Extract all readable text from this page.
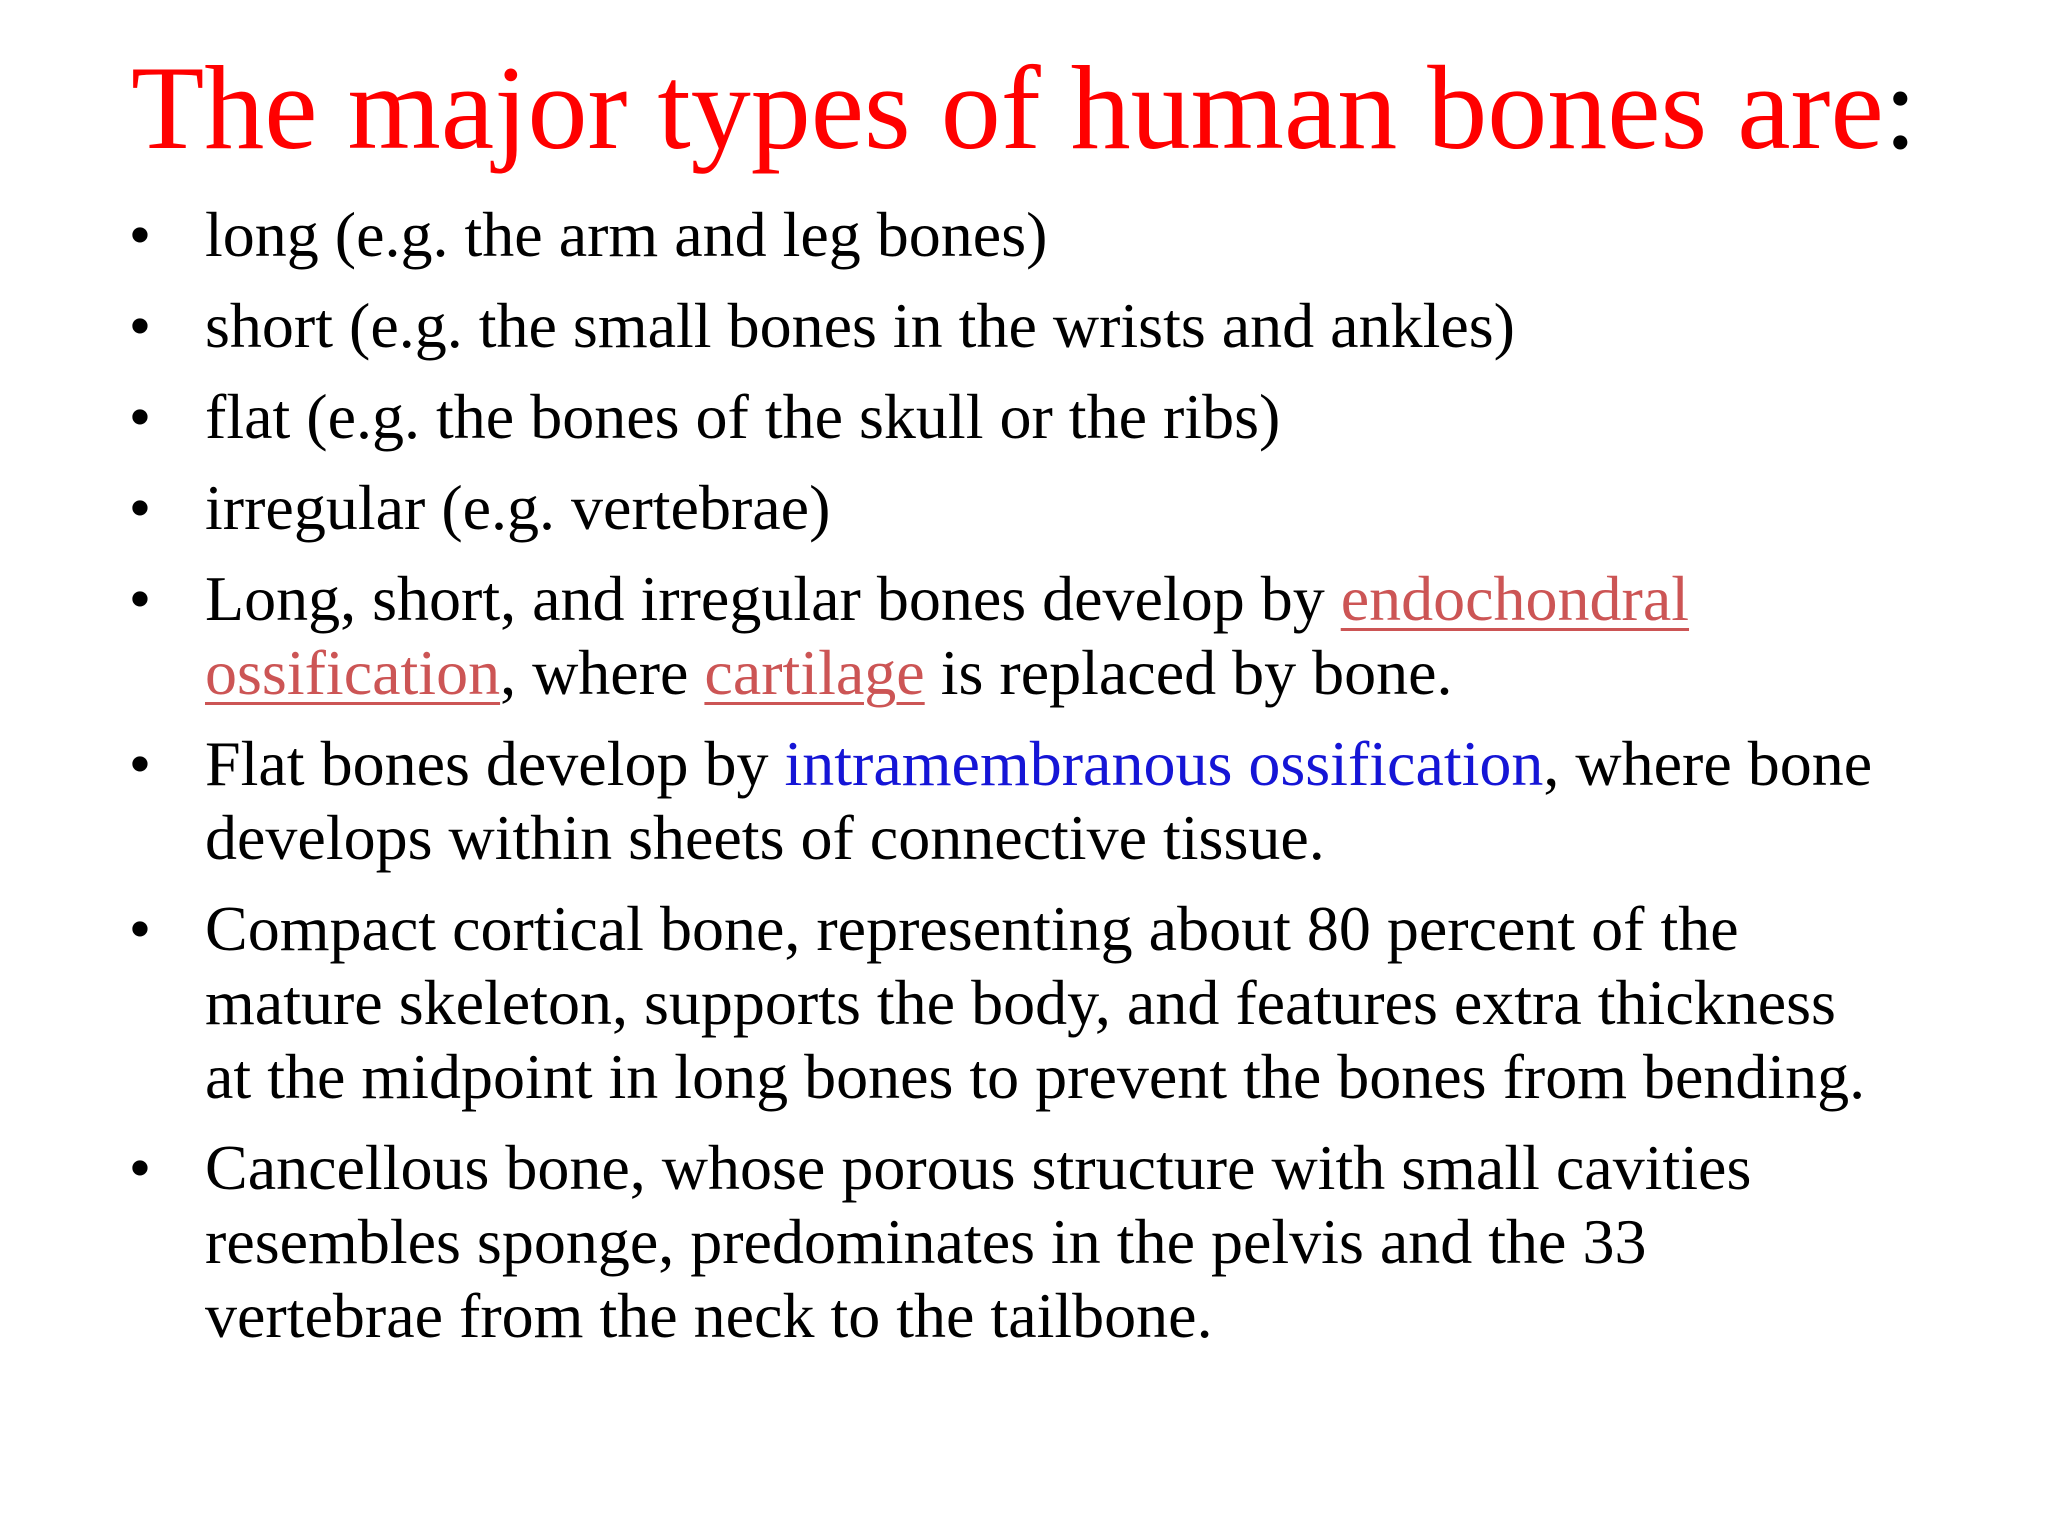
The major types of human bones are:
• long (e.g. the arm and leg bones)
• short (e.g. the small bones in the wrists and ankles)
• flat (e.g. the bones of the skull or the ribs)
• irregular (e.g. vertebrae)
• Long, short, and irregular bones develop by endochondral ossification, where cartilage is replaced by bone.
• Flat bones develop by intramembranous ossification, where bone develops within sheets of connective tissue.
• Compact cortical bone, representing about 80 percent of the mature skeleton, supports the body, and features extra thickness at the midpoint in long bones to prevent the bones from bending.
• Cancellous bone, whose porous structure with small cavities resembles sponge, predominates in the pelvis and the 33 vertebrae from the neck to the tailbone.
